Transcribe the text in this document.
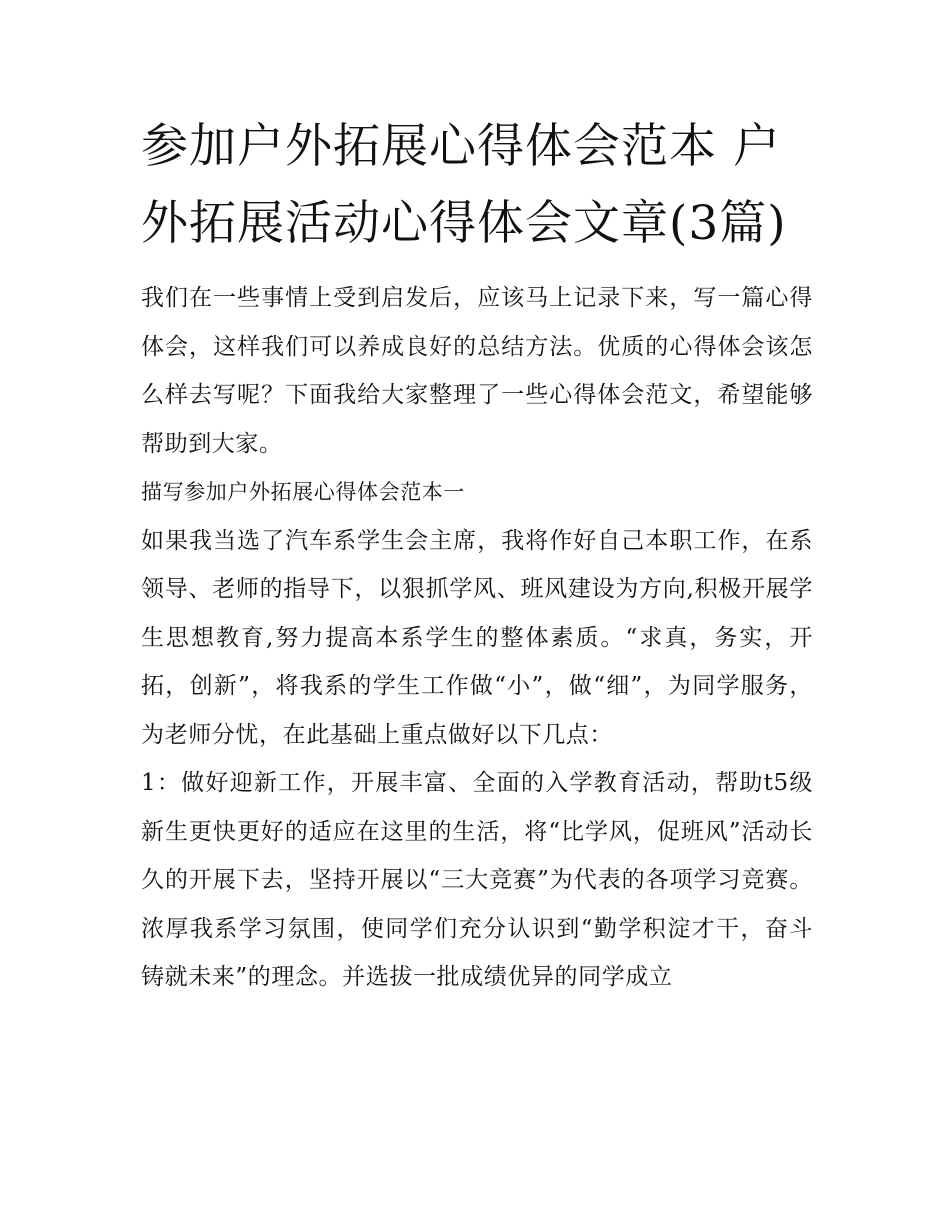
参加户外拓展心得体会范本 户外拓展活动心得体会文章(3篇)

我们在一些事情上受到启发后，应该马上记录下来，写一篇心得体会，这样我们可以养成良好的总结方法。优质的心得体会该怎么样去写呢？下面我给大家整理了一些心得体会范文，希望能够帮助到大家。

描写参加户外拓展心得体会范本一

如果我当选了汽车系学生会主席，我将作好自己本职工作，在系领导、老师的指导下，以狠抓学风、班风建设为方向,积极开展学生思想教育,努力提高本系学生的整体素质。“求真，务实，开拓，创新”，将我系的学生工作做“小”，做“细”，为同学服务，为老师分忧，在此基础上重点做好以下几点：

1：做好迎新工作，开展丰富、全面的入学教育活动，帮助t5级新生更快更好的适应在这里的生活，将“比学风，促班风”活动长久的开展下去，坚持开展以“三大竞赛”为代表的各项学习竞赛。浓厚我系学习氛围，使同学们充分认识到“勤学积淀才干，奋斗铸就未来”的理念。并选拔一批成绩优异的同学成立
